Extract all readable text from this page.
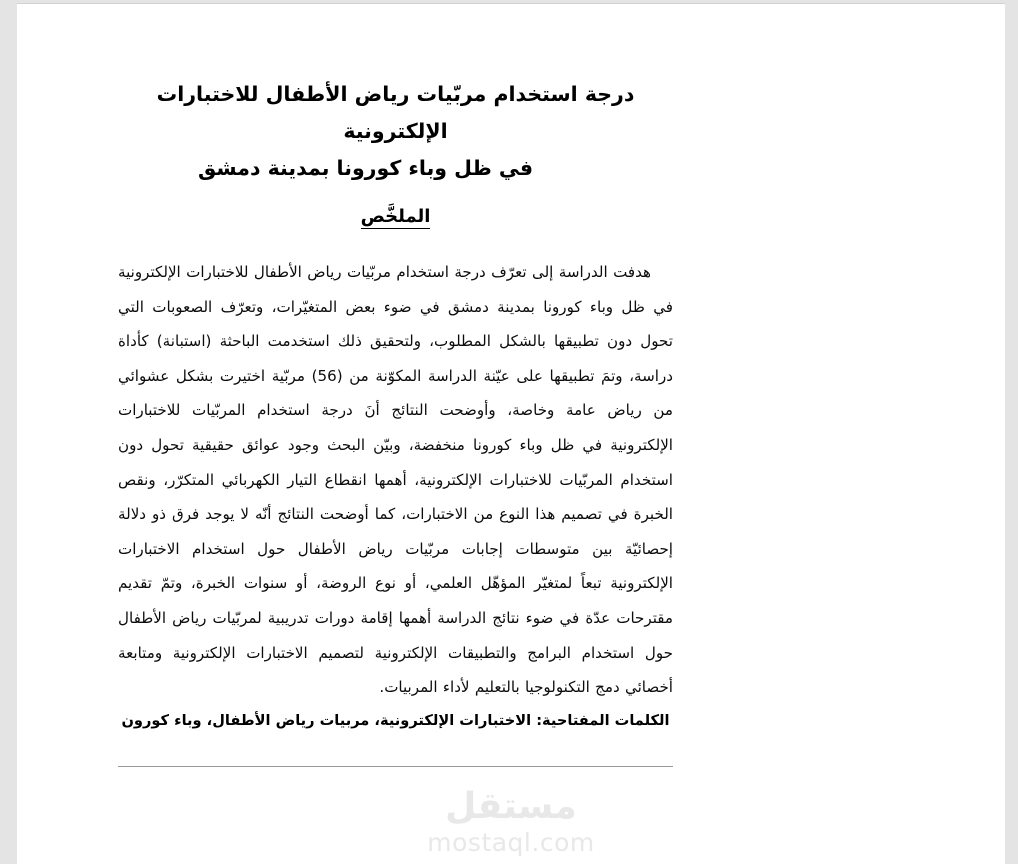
درجة استخدام مربّيات رياض الأطفال للاختبارات الإلكترونية
في ظل وباء كورونا بمدينة دمشق
الملخَّص

هدفت الدراسة إلى تعرّف درجة استخدام مربّيات رياض الأطفال للاختبارات الإلكترونية في ظل وباء كورونا بمدينة دمشق في ضوء بعض المتغيّرات، وتعرّف الصعوبات التي تحول دون تطبيقها بالشكل المطلوب، ولتحقيق ذلك استخدمت الباحثة (استبانة) كأداة دراسة، وتمَ تطبيقها على عيّنة الدراسة المكوّنة من (56) مربّية اختيرت بشكل عشوائي من رياض عامة وخاصة، وأوضحت النتائج أنَ درجة استخدام المربّيات للاختبارات الإلكترونية في ظل وباء كورونا منخفضة، وبيّن البحث وجود عوائق حقيقية تحول دون استخدام المربّيات للاختبارات الإلكترونية، أهمها انقطاع التيار الكهربائي المتكرّر، ونقص الخبرة في تصميم هذا النوع من الاختبارات، كما أوضحت النتائج أنّه لا يوجد فرق ذو دلالة إحصائيّة بين متوسطات إجابات مربّيات رياض الأطفال حول استخدام الاختبارات الإلكترونية تبعاً لمتغيّر المؤهّل العلمي، أو نوع الروضة، أو سنوات الخبرة، وتمّ تقديم مقترحات عدّة في ضوء نتائج الدراسة أهمها إقامة دورات تدريبية لمربّيات رياض الأطفال حول استخدام البرامج والتطبيقات الإلكترونية لتصميم الاختبارات الإلكترونية ومتابعة أخصائي دمج التكنولوجيا بالتعليم لأداء المربيات.

الكلمات المفتاحية: الاختبارات الإلكترونية، مربيات رياض الأطفال، وباء كورون
مستقل
mostaql.com
